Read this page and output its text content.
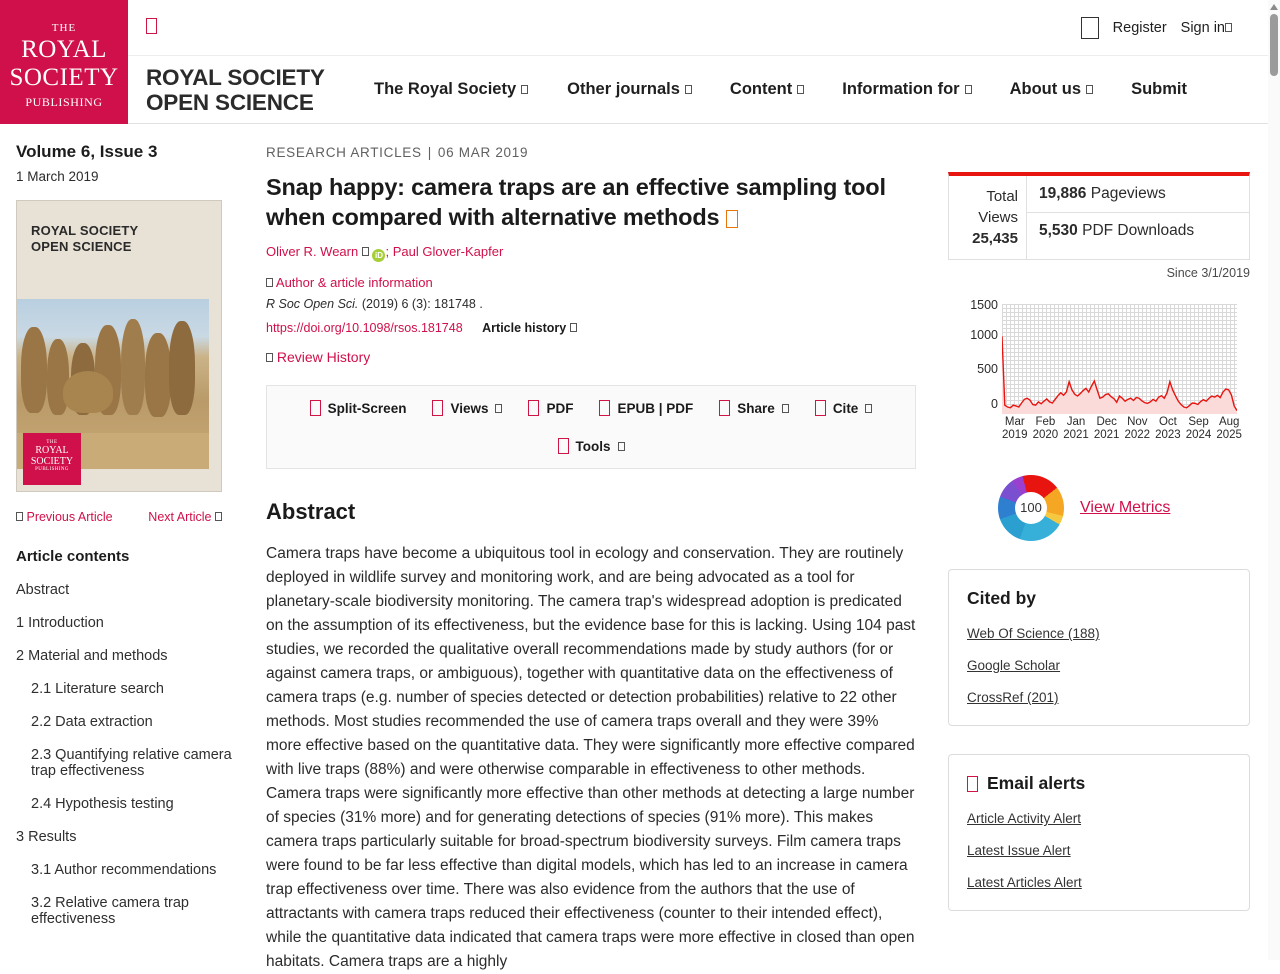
THE
ROYAL
SOCIETY
PUBLISHING
Register Sign in
ROYAL SOCIETY
OPEN SCIENCE
The Royal Society	Other journals	Content	Information for	About us	Submit
Volume 6, Issue 3
1 March 2019
ROYAL SOCIETY
OPEN SCIENCE
THE
ROYAL
SOCIETY
PUBLISHING
Previous Article	Next Article
Article contents
Abstract
1 Introduction
2 Material and methods
2.1 Literature search
2.2 Data extraction
2.3 Quantifying relative camera trap effectiveness
2.4 Hypothesis testing
3 Results
3.1 Author recommendations
3.2 Relative camera trap effectiveness
RESEARCH ARTICLES | 06 MAR 2019
Snap happy: camera traps are an effective sampling tool when compared with alternative methods
Oliver R. Wearn iD ; Paul Glover-Kapfer
Author & article information
R Soc Open Sci. (2019) 6 (3): 181748 .
https://doi.org/10.1098/rsos.181748 Article history
Review History
Split-Screen	Views	PDF	EPUB | PDF	Share	Cite
Tools
Abstract
Camera traps have become a ubiquitous tool in ecology and conservation. They are routinely deployed in wildlife survey and monitoring work, and are being advocated as a tool for planetary-scale biodiversity monitoring. The camera trap's widespread adoption is predicated on the assumption of its effectiveness, but the evidence base for this is lacking. Using 104 past studies, we recorded the qualitative overall recommendations made by study authors (for or against camera traps, or ambiguous), together with quantitative data on the effectiveness of camera traps (e.g. number of species detected or detection probabilities) relative to 22 other methods. Most studies recommended the use of camera traps overall and they were 39% more effective based on the quantitative data. They were significantly more effective compared with live traps (88%) and were otherwise comparable in effectiveness to other methods. Camera traps were significantly more effective than other methods at detecting a large number of species (31% more) and for generating detections of species (91% more). This makes camera traps particularly suitable for broad-spectrum biodiversity surveys. Film camera traps were found to be far less effective than digital models, which has led to an increase in camera trap effectiveness over time. There was also evidence from the authors that the use of attractants with camera traps reduced their effectiveness (counter to their intended effect), while the quantitative data indicated that camera traps were more effective in closed than open habitats. Camera traps are a highly
Total
Views
25,435
19,886 Pageviews
5,530 PDF Downloads
Since 3/1/2019
1500
1000
500
0
Mar
2019
Feb
2020
Jan
2021
Dec
2021
Nov
2022
Oct
2023
Sep
2024
Aug
2025
100	View Metrics
Cited by
Web Of Science (188)
Google Scholar
CrossRef (201)
Email alerts
Article Activity Alert
Latest Issue Alert
Latest Articles Alert
